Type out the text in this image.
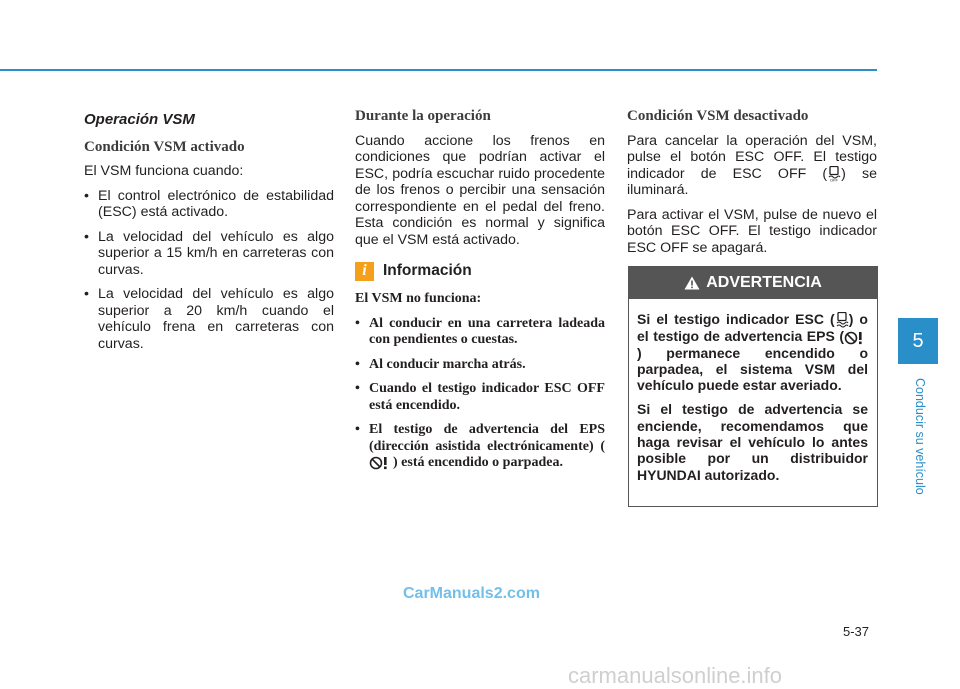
Operación VSM
Condición VSM activado

El VSM funciona cuando:

• El control electrónico de estabilidad (ESC) está activado.
• La velocidad del vehículo es algo superior a 15 km/h en carreteras con curvas.
• La velocidad del vehículo es algo superior a 20 km/h cuando el vehículo frena en carreteras con curvas.
Durante la operación

Cuando accione los frenos en condiciones que podrían activar el ESC, podría escuchar ruido procedente de los frenos o percibir una sensación correspondiente en el pedal del freno. Esta condición es normal y significa que el VSM está activado.

i	Información
El VSM no funciona:
• Al conducir en una carretera ladeada con pendientes o cuestas.
• Al conducir marcha atrás.
• Cuando el testigo indicador ESC OFF está encendido.
• El testigo de advertencia del EPS (dirección asistida electrónicamente) () está encendido o parpadea.
Condición VSM desactivado

Para cancelar la operación del VSM, pulse el botón ESC OFF. El testigo indicador de ESC OFF ( OFF ) se iluminará.

Para activar el VSM, pulse de nuevo el botón ESC OFF. El testigo indicador ESC OFF se apagará.

ADVERTENCIA

Si el testigo indicador ESC ( ) o el testigo de advertencia EPS () permanece encendido o parpadea, el sistema VSM del vehículo puede estar averiado.

Si el testigo de advertencia se enciende, recomendamos que haga revisar el vehículo lo antes posible por un distribuidor HYUNDAI autorizado.

5
Conducir su vehículo
5-37
CarManuals2.com
carmanualsonline.info
